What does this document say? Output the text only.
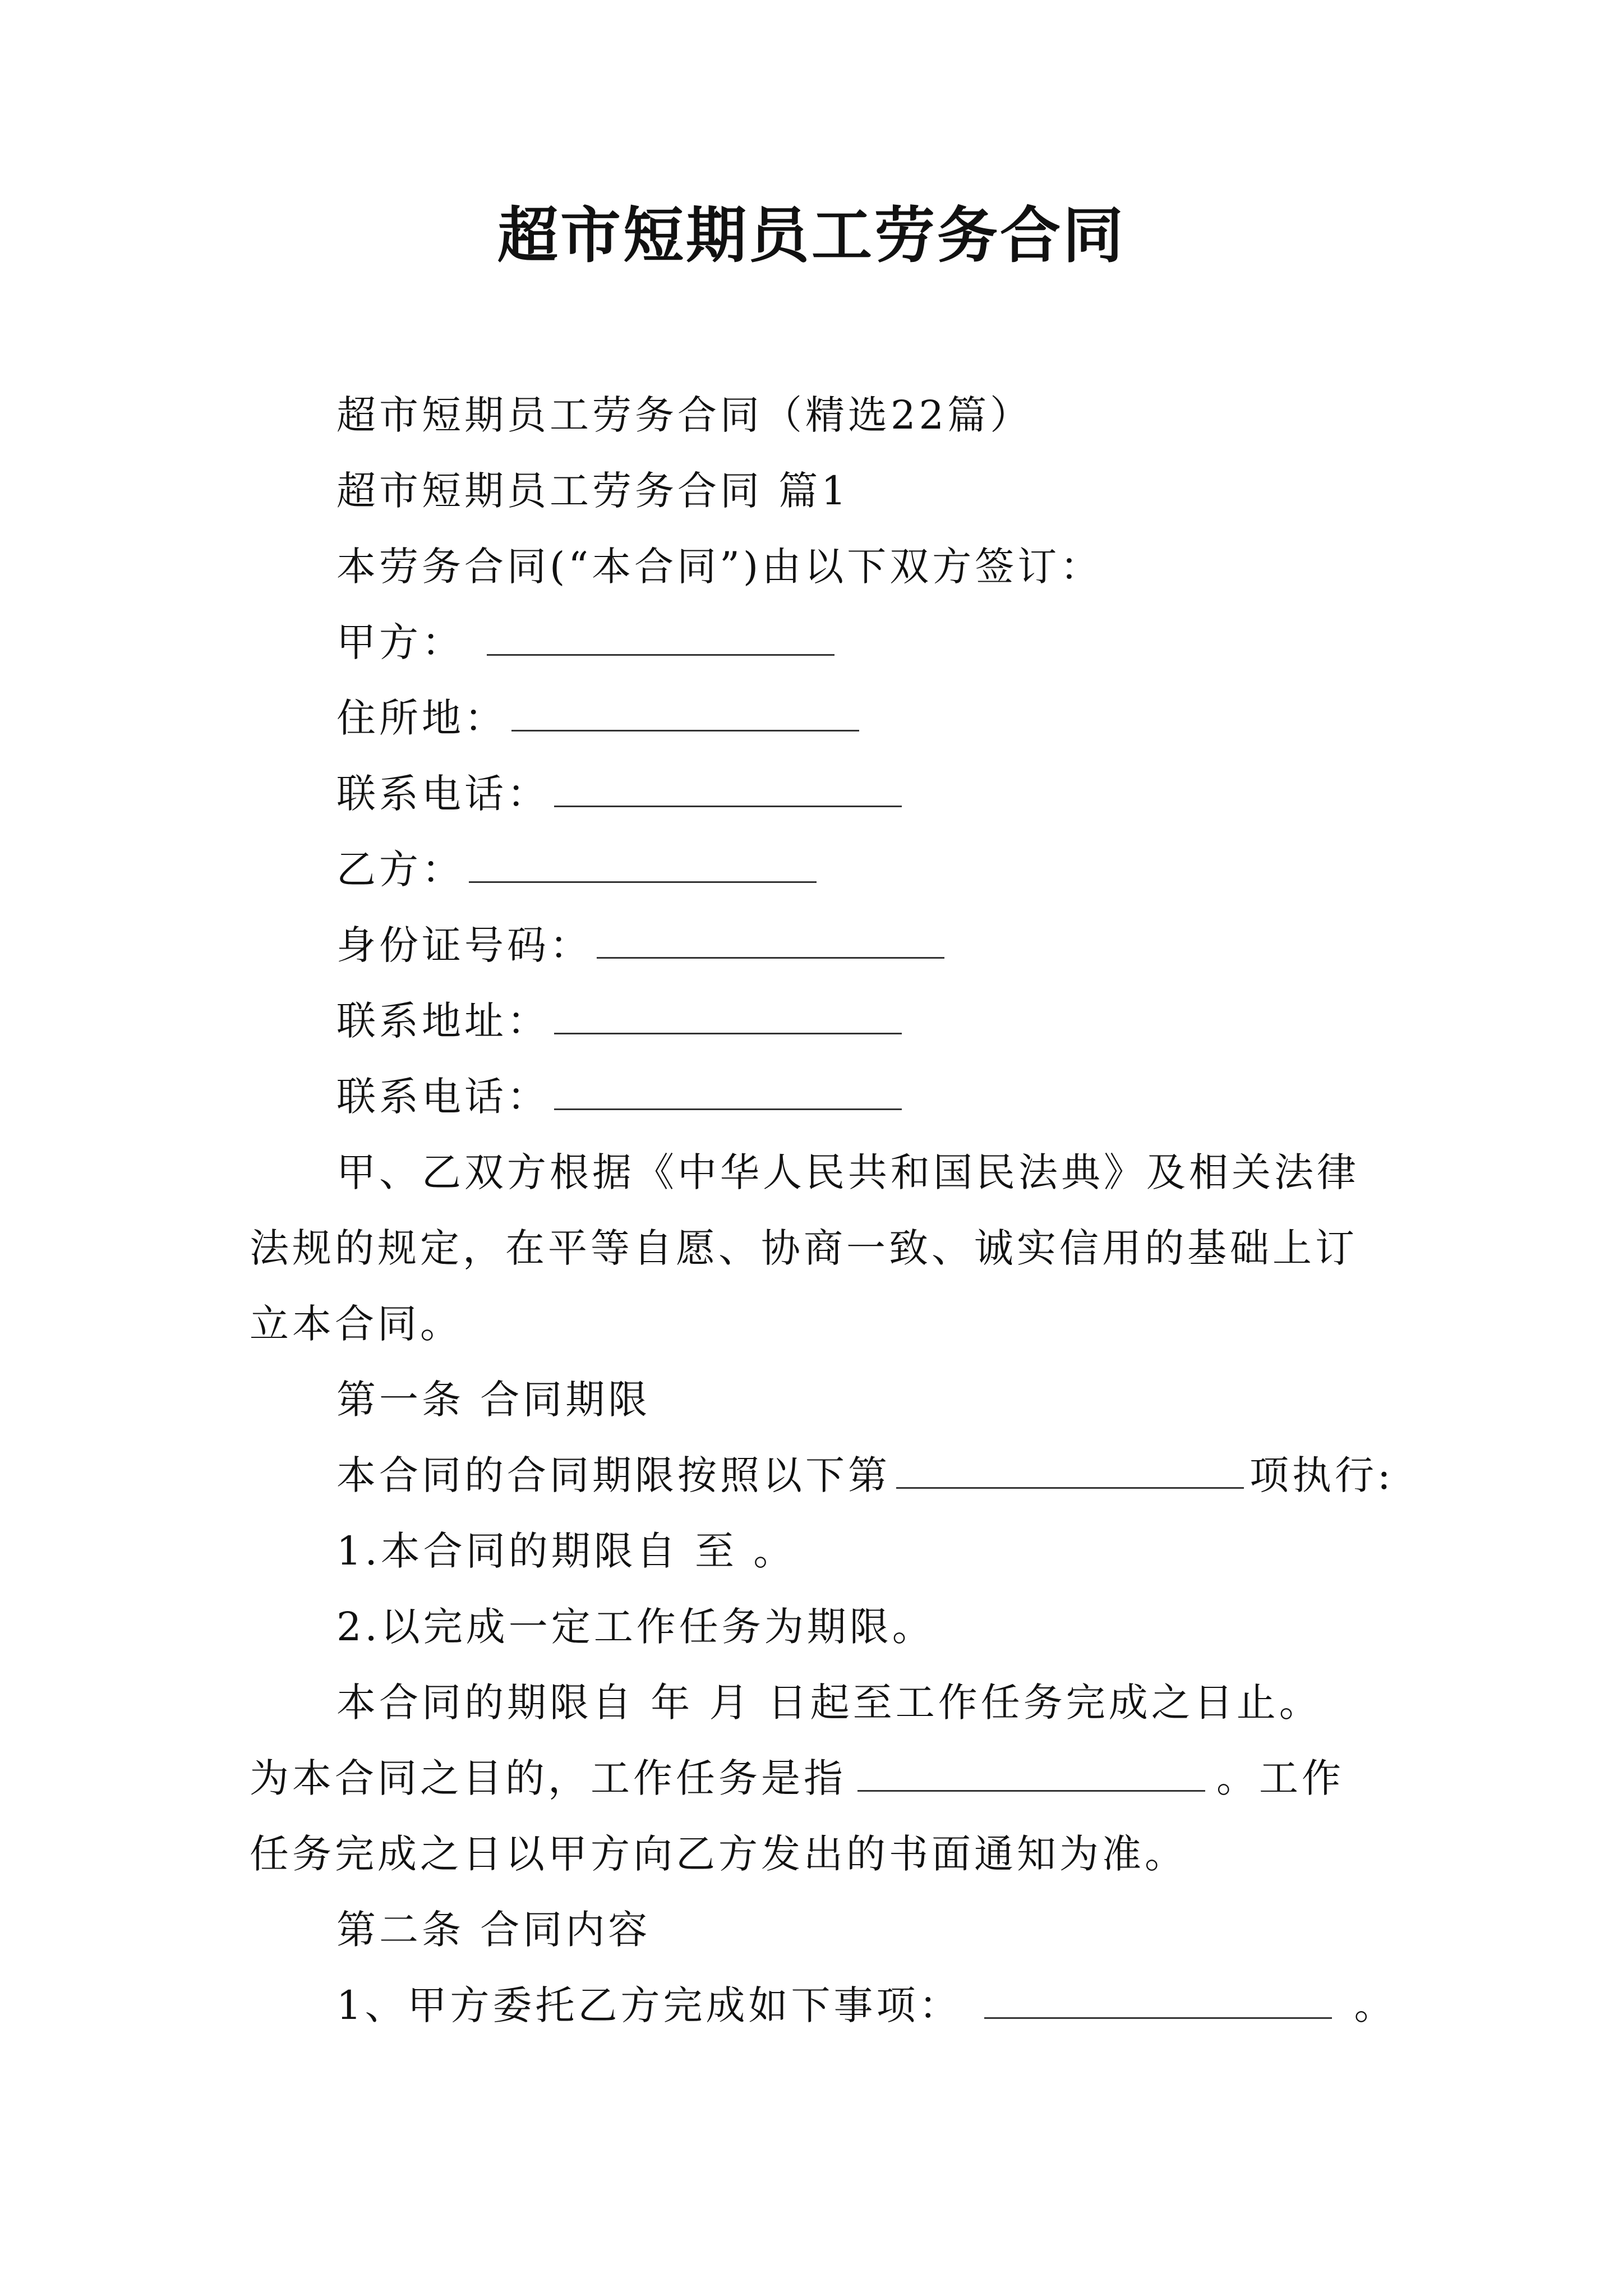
超市短期员工劳务合同
超市短期员工劳务合同（精选22篇）
超市短期员工劳务合同 篇1
本劳务合同(“本合同”)由以下双方签订：
甲方：
住所地：
联系电话：
乙方：
身份证号码：
联系地址：
联系电话：
甲、乙双方根据《中华人民共和国民法典》及相关法律
法规的规定，在平等自愿、协商一致、诚实信用的基础上订
立本合同。
第一条 合同期限
本合同的合同期限按照以下第	项执行:
1.本合同的期限自 至 。
2.以完成一定工作任务为期限。
本合同的期限自 年 月 日起至工作任务完成之日止。
为本合同之目的，工作任务是指	。工作
任务完成之日以甲方向乙方发出的书面通知为准。
第二条 合同内容
1、甲方委托乙方完成如下事项：	。
